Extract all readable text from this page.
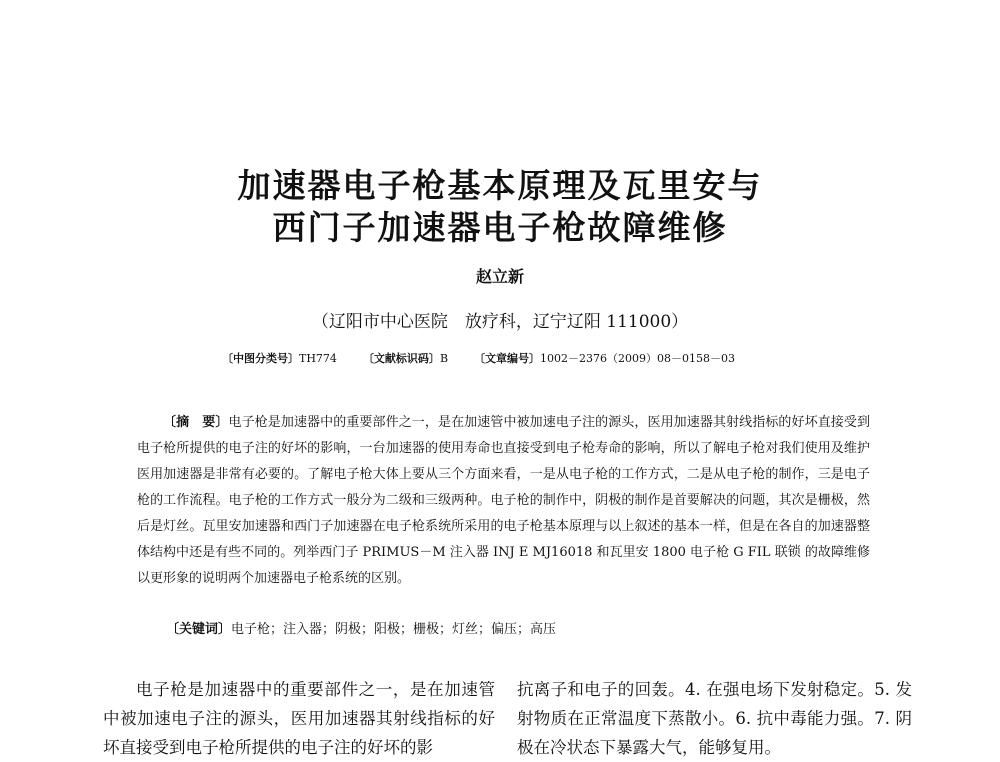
加速器电子枪基本原理及瓦里安与
西门子加速器电子枪故障维修
赵立新
（辽阳市中心医院　放疗科，辽宁辽阳 111000）
〔中图分类号〕TH774 〔文献标识码〕B 〔文章编号〕1002－2376（2009）08－0158－03
〔摘　要〕电子枪是加速器中的重要部件之一，是在加速管中被加速电子注的源头，医用加速器其射线指标的好坏直接受到电子枪所提供的电子注的好坏的影响，一台加速器的使用寿命也直接受到电子枪寿命的影响，所以了解电子枪对我们使用及维护医用加速器是非常有必要的。了解电子枪大体上要从三个方面来看，一是从电子枪的工作方式，二是从电子枪的制作，三是电子枪的工作流程。电子枪的工作方式一般分为二级和三级两种。电子枪的制作中，阴极的制作是首要解决的问题，其次是栅极，然后是灯丝。瓦里安加速器和西门子加速器在电子枪系统所采用的电子枪基本原理与以上叙述的基本一样，但是在各自的加速器整体结构中还是有些不同的。列举西门子 PRIMUS－M 注入器 INJ E MJ16018 和瓦里安 1800 电子枪 G FIL 联锁 的故障维修以更形象的说明两个加速器电子枪系统的区别。
〔关键词〕电子枪；注入器；阴极；阳极；栅极；灯丝；偏压；高压
电子枪是加速器中的重要部件之一，是在加速管中被加速电子注的源头，医用加速器其射线指标的好坏直接受到电子枪所提供的电子注的好坏的影
抗离子和电子的回轰。4. 在强电场下发射稳定。5. 发射物质在正常温度下蒸散小。6. 抗中毒能力强。7. 阴极在冷状态下暴露大气，能够复用。
